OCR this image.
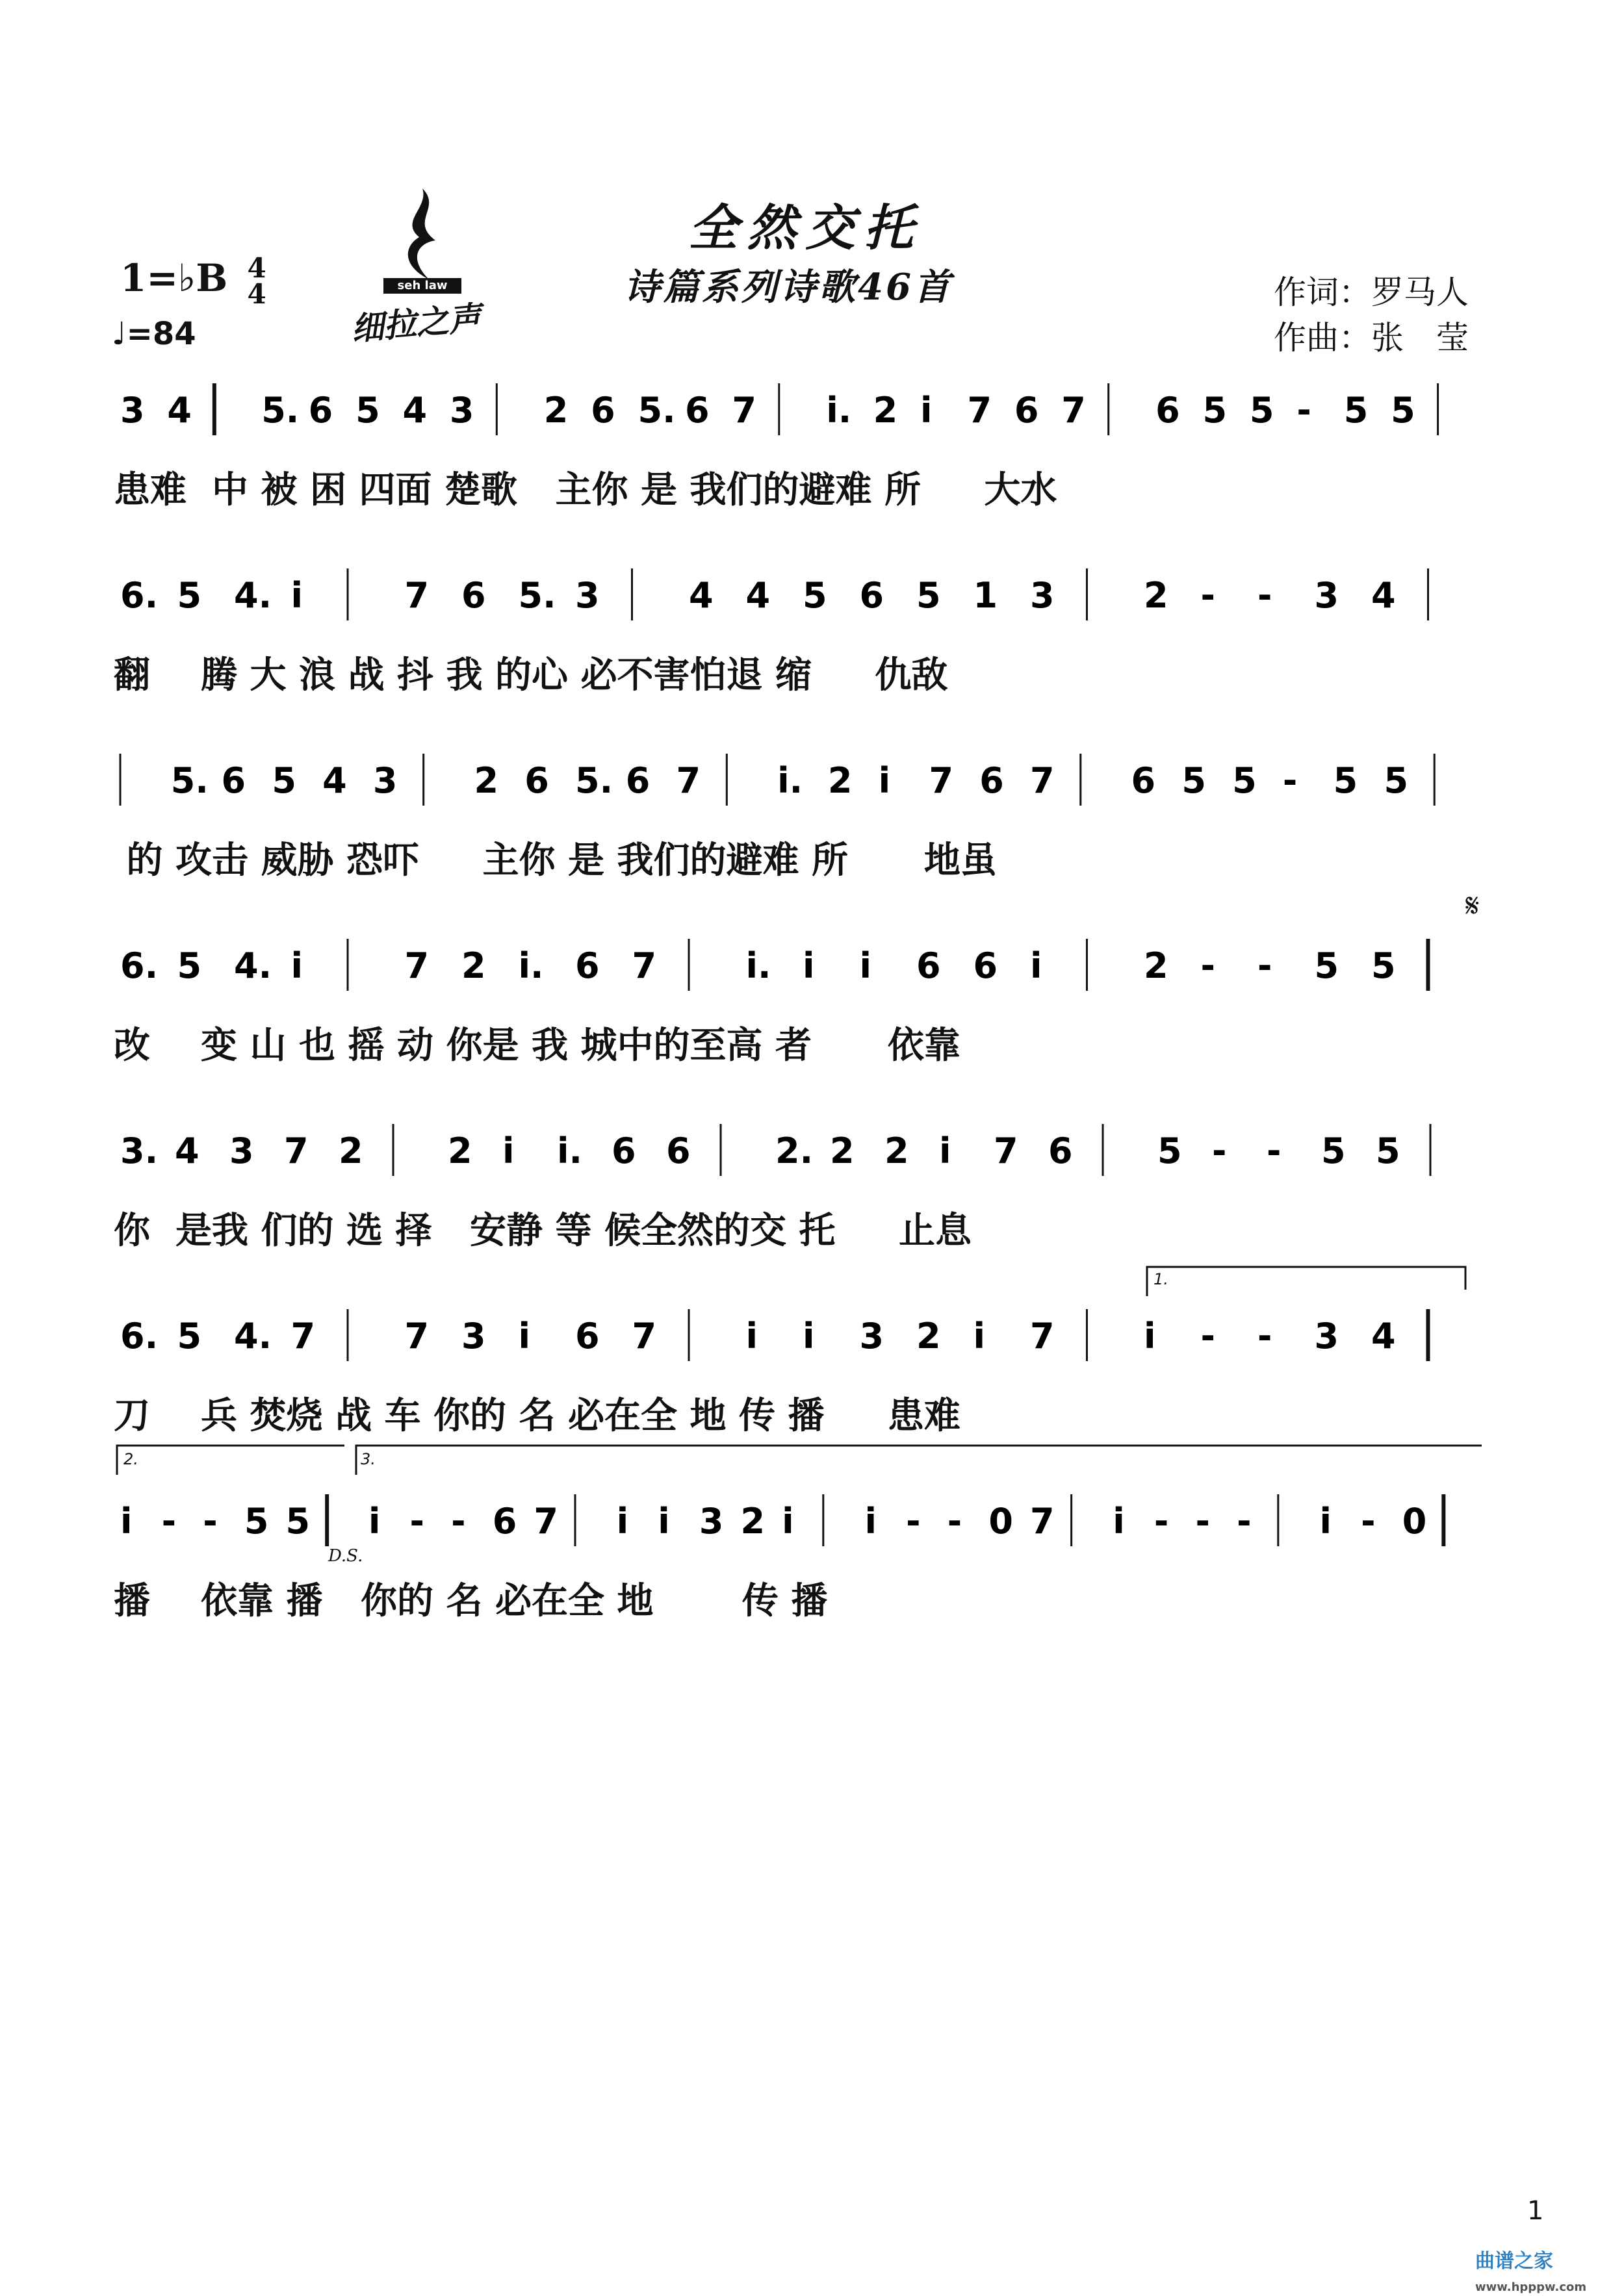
全然交托
诗篇系列诗歌46首
1=♭B 4
4
♩=84
seh law
细拉之声
作词：罗马人
作曲：张　莹
3 4 5. 6 5 4 3 2 6 5. 6 7 i. 2 i 7 6 7 6 5 5 - 5 5
患难  中 被 困 四面 楚歌   主你 是 我们的避难 所     大水
6. 5 4. i	7 6 5. 3	4 4 5 6 5 1 3	2 - - 3 4
翻    腾 大 浪 战 抖 我 的心 必不害怕退 缩     仇敌
5. 6 5 4 3 2 6 5. 6 7 i. 2 i 7 6 7 6 5 5 - 5 5
的 攻击 威胁 恐吓     主你 是 我们的避难 所      地虽
6. 5 4. i	7 2 i. 6 7	i. i i 6 6 i	2 - - 5 5
改    变 山 也 摇 动 你是 我 城中的至高 者      依靠
3. 4 3 7 2 2 i i. 6 6 2. 2 2 i 7 6 5 - - 5 5
你  是我 们的 选 择   安静 等 候全然的交 托     止息
6. 5 4. 7	7 3 i 6 7	i i 3 2 i 7	i - - 3 4
刀    兵 焚烧 战 车 你的 名 必在全 地 传 播     患难
i - - 5 5 i - - 6 7 i i 3 2 i i - - 0 7 i - - - i - 0
播    依靠 播   你的 名 必在全 地       传 播
𝄋
D.S.
1.
2.	3.
1
曲谱之家
www.hpppw.com
